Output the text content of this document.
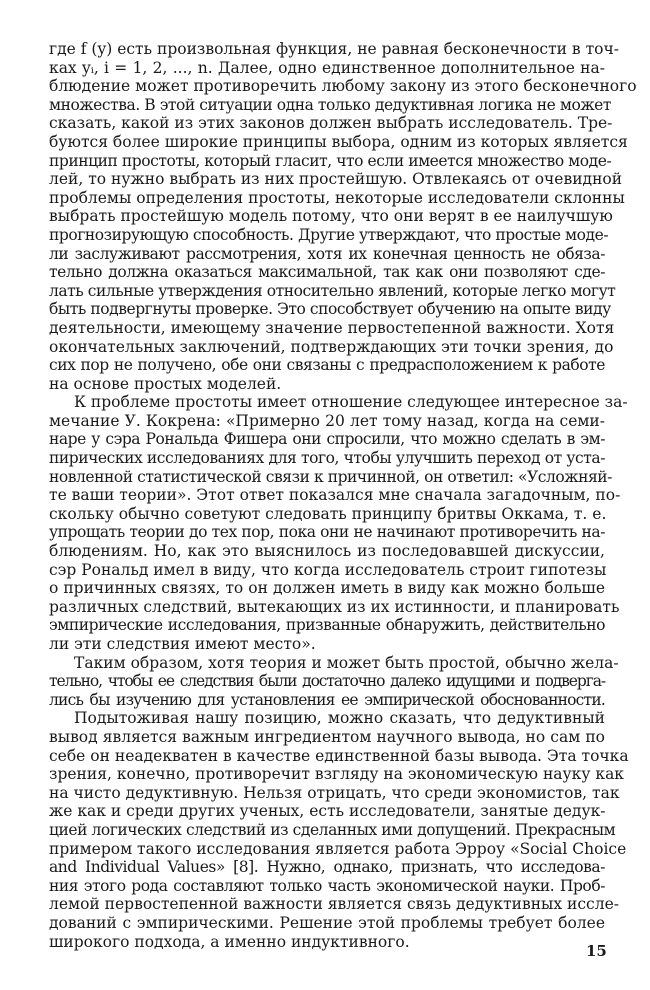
где f (y) есть произвольная функция, не равная бесконечности в точ-
ках yᵢ, i = 1, 2, ..., n. Далее, одно единственное дополнительное на-
блюдение может противоречить любому закону из этого бесконечного
множества. В этой ситуации одна только дедуктивная логика не может
сказать, какой из этих законов должен выбрать исследователь. Тре-
буются более широкие принципы выбора, одним из которых является
принцип простоты, который гласит, что если имеется множество моде-
лей, то нужно выбрать из них простейшую. Отвлекаясь от очевидной
проблемы определения простоты, некоторые исследователи склонны
выбрать простейшую модель потому, что они верят в ее наилучшую
прогнозирующую способность. Другие утверждают, что простые моде-
ли заслуживают рассмотрения, хотя их конечная ценность не обяза-
тельно должна оказаться максимальной, так как они позволяют сде-
лать сильные утверждения относительно явлений, которые легко могут
быть подвергнуты проверке. Это способствует обучению на опыте виду
деятельности, имеющему значение первостепенной важности. Хотя
окончательных заключений, подтверждающих эти точки зрения, до
сих пор не получено, обе они связаны с предрасположением к работе
на основе простых моделей.
К проблеме простоты имеет отношение следующее интересное за-
мечание У. Кокрена: «Примерно 20 лет тому назад, когда на семи-
наре у сэра Рональда Фишера они спросили, что можно сделать в эм-
пирических исследованиях для того, чтобы улучшить переход от уста-
новленной статистической связи к причинной, он ответил: «Усложняй-
те ваши теории». Этот ответ показался мне сначала загадочным, по-
скольку обычно советуют следовать принципу бритвы Оккама, т. е.
упрощать теории до тех пор, пока они не начинают противоречить на-
блюдениям. Но, как это выяснилось из последовавшей дискуссии,
сэр Рональд имел в виду, что когда исследователь строит гипотезы
о причинных связях, то он должен иметь в виду как можно больше
различных следствий, вытекающих из их истинности, и планировать
эмпирические исследования, призванные обнаружить, действительно
ли эти следствия имеют место».
Таким образом, хотя теория и может быть простой, обычно жела-
тельно, чтобы ее следствия были достаточно далеко идущими и подверга-
лись бы изучению для установления ее эмпирической обоснованности.
Подытоживая нашу позицию, можно сказать, что дедуктивный
вывод является важным ингредиентом научного вывода, но сам по
себе он неадекватен в качестве единственной базы вывода. Эта точка
зрения, конечно, противоречит взгляду на экономическую науку как
на чисто дедуктивную. Нельзя отрицать, что среди экономистов, так
же как и среди других ученых, есть исследователи, занятые дедук-
цией логических следствий из сделанных ими допущений. Прекрасным
примером такого исследования является работа Эрроу «Social Choice
and Individual Values» [8]. Нужно, однако, признать, что исследова-
ния этого рода составляют только часть экономической науки. Проб-
лемой первостепенной важности является связь дедуктивных иссле-
дований с эмпирическими. Решение этой проблемы требует более
широкого подхода, а именно индуктивного.
15
